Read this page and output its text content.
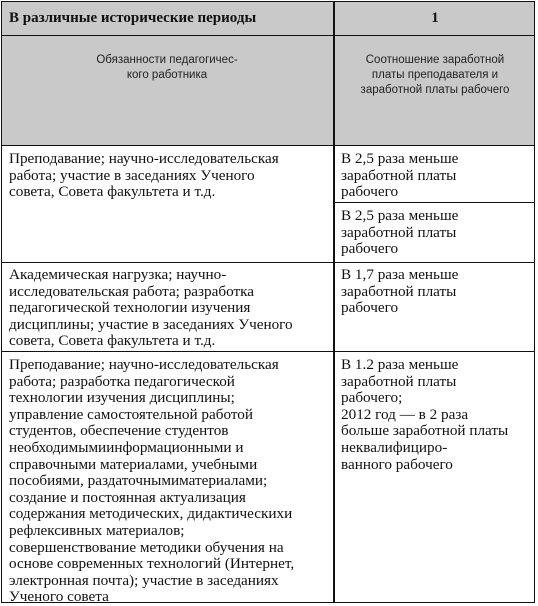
В различные исторические периоды	1
Обязанности педагогичес-
кого работника
Соотношение заработной
платы преподавателя и
заработной платы рабочего
Преподавание; научно-исследовательская
работа; участие в заседаниях Ученого
совета, Совета факультета и т.д.
В 2,5 раза меньше
заработной платы
рабочего
В 2,5 раза меньше
заработной платы
рабочего
Академическая нагрузка; научно-
исследовательская работа; разработка
педагогической технологии изучения
дисциплины; участие в заседаниях Ученого
совета, Совета факультета и т.д.
В 1,7 раза меньше
заработной платы
рабочего
Преподавание; научно-исследовательская
работа; разработка педагогической
технологии изучения дисциплины;
управление самостоятельной работой
студентов, обеспечение студентов
необходимымиинформационными и
справочными материалами, учебными
пособиями, раздаточнымиматериалами;
создание и постоянная актуализация
содержания методических, дидактическихи
рефлексивных материалов;
совершенствование методики обучения на
основе современных технологий (Интернет,
электронная почта); участие в заседаниях
Ученого совета
В 1.2 раза меньше
заработной платы
рабочего;
2012 год — в 2 раза
больше заработной платы
неквалифициро-
ванного рабочего
